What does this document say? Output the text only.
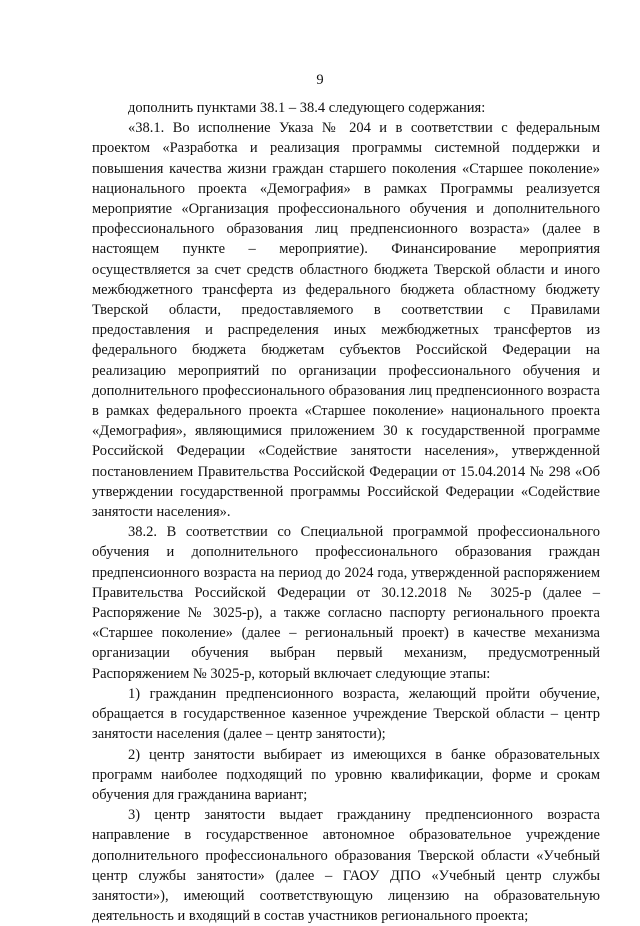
9

дополнить пунктами 38.1 – 38.4 следующего содержания:

«38.1. Во исполнение Указа № 204 и в соответствии с федеральным проектом «Разработка и реализация программы системной поддержки и повышения качества жизни граждан старшего поколения «Старшее поколение» национального проекта «Демография» в рамках Программы реализуется мероприятие «Организация профессионального обучения и дополнительного профессионального образования лиц предпенсионного возраста» (далее в настоящем пункте – мероприятие). Финансирование мероприятия осуществляется за счет средств областного бюджета Тверской области и иного межбюджетного трансферта из федерального бюджета областному бюджету Тверской области, предоставляемого в соответствии с Правилами предоставления и распределения иных межбюджетных трансфертов из федерального бюджета бюджетам субъектов Российской Федерации на реализацию мероприятий по организации профессионального обучения и дополнительного профессионального образования лиц предпенсионного возраста в рамках федерального проекта «Старшее поколение» национального проекта «Демография», являющимися приложением 30 к государственной программе Российской Федерации «Содействие занятости населения», утвержденной постановлением Правительства Российской Федерации от 15.04.2014 № 298 «Об утверждении государственной программы Российской Федерации «Содействие занятости населения».

38.2. В соответствии со Специальной программой профессионального обучения и дополнительного профессионального образования граждан предпенсионного возраста на период до 2024 года, утвержденной распоряжением Правительства Российской Федерации от 30.12.2018 № 3025-р (далее – Распоряжение № 3025-р), а также согласно паспорту регионального проекта «Старшее поколение» (далее – региональный проект) в качестве механизма организации обучения выбран первый механизм, предусмотренный Распоряжением № 3025-р, который включает следующие этапы:

1) гражданин предпенсионного возраста, желающий пройти обучение, обращается в государственное казенное учреждение Тверской области – центр занятости населения (далее – центр занятости);

2) центр занятости выбирает из имеющихся в банке образовательных программ наиболее подходящий по уровню квалификации, форме и срокам обучения для гражданина вариант;

3) центр занятости выдает гражданину предпенсионного возраста направление в государственное автономное образовательное учреждение дополнительного профессионального образования Тверской области «Учебный центр службы занятости» (далее – ГАОУ ДПО «Учебный центр службы занятости»), имеющий соответствующую лицензию на образовательную деятельность и входящий в состав участников регионального проекта;
